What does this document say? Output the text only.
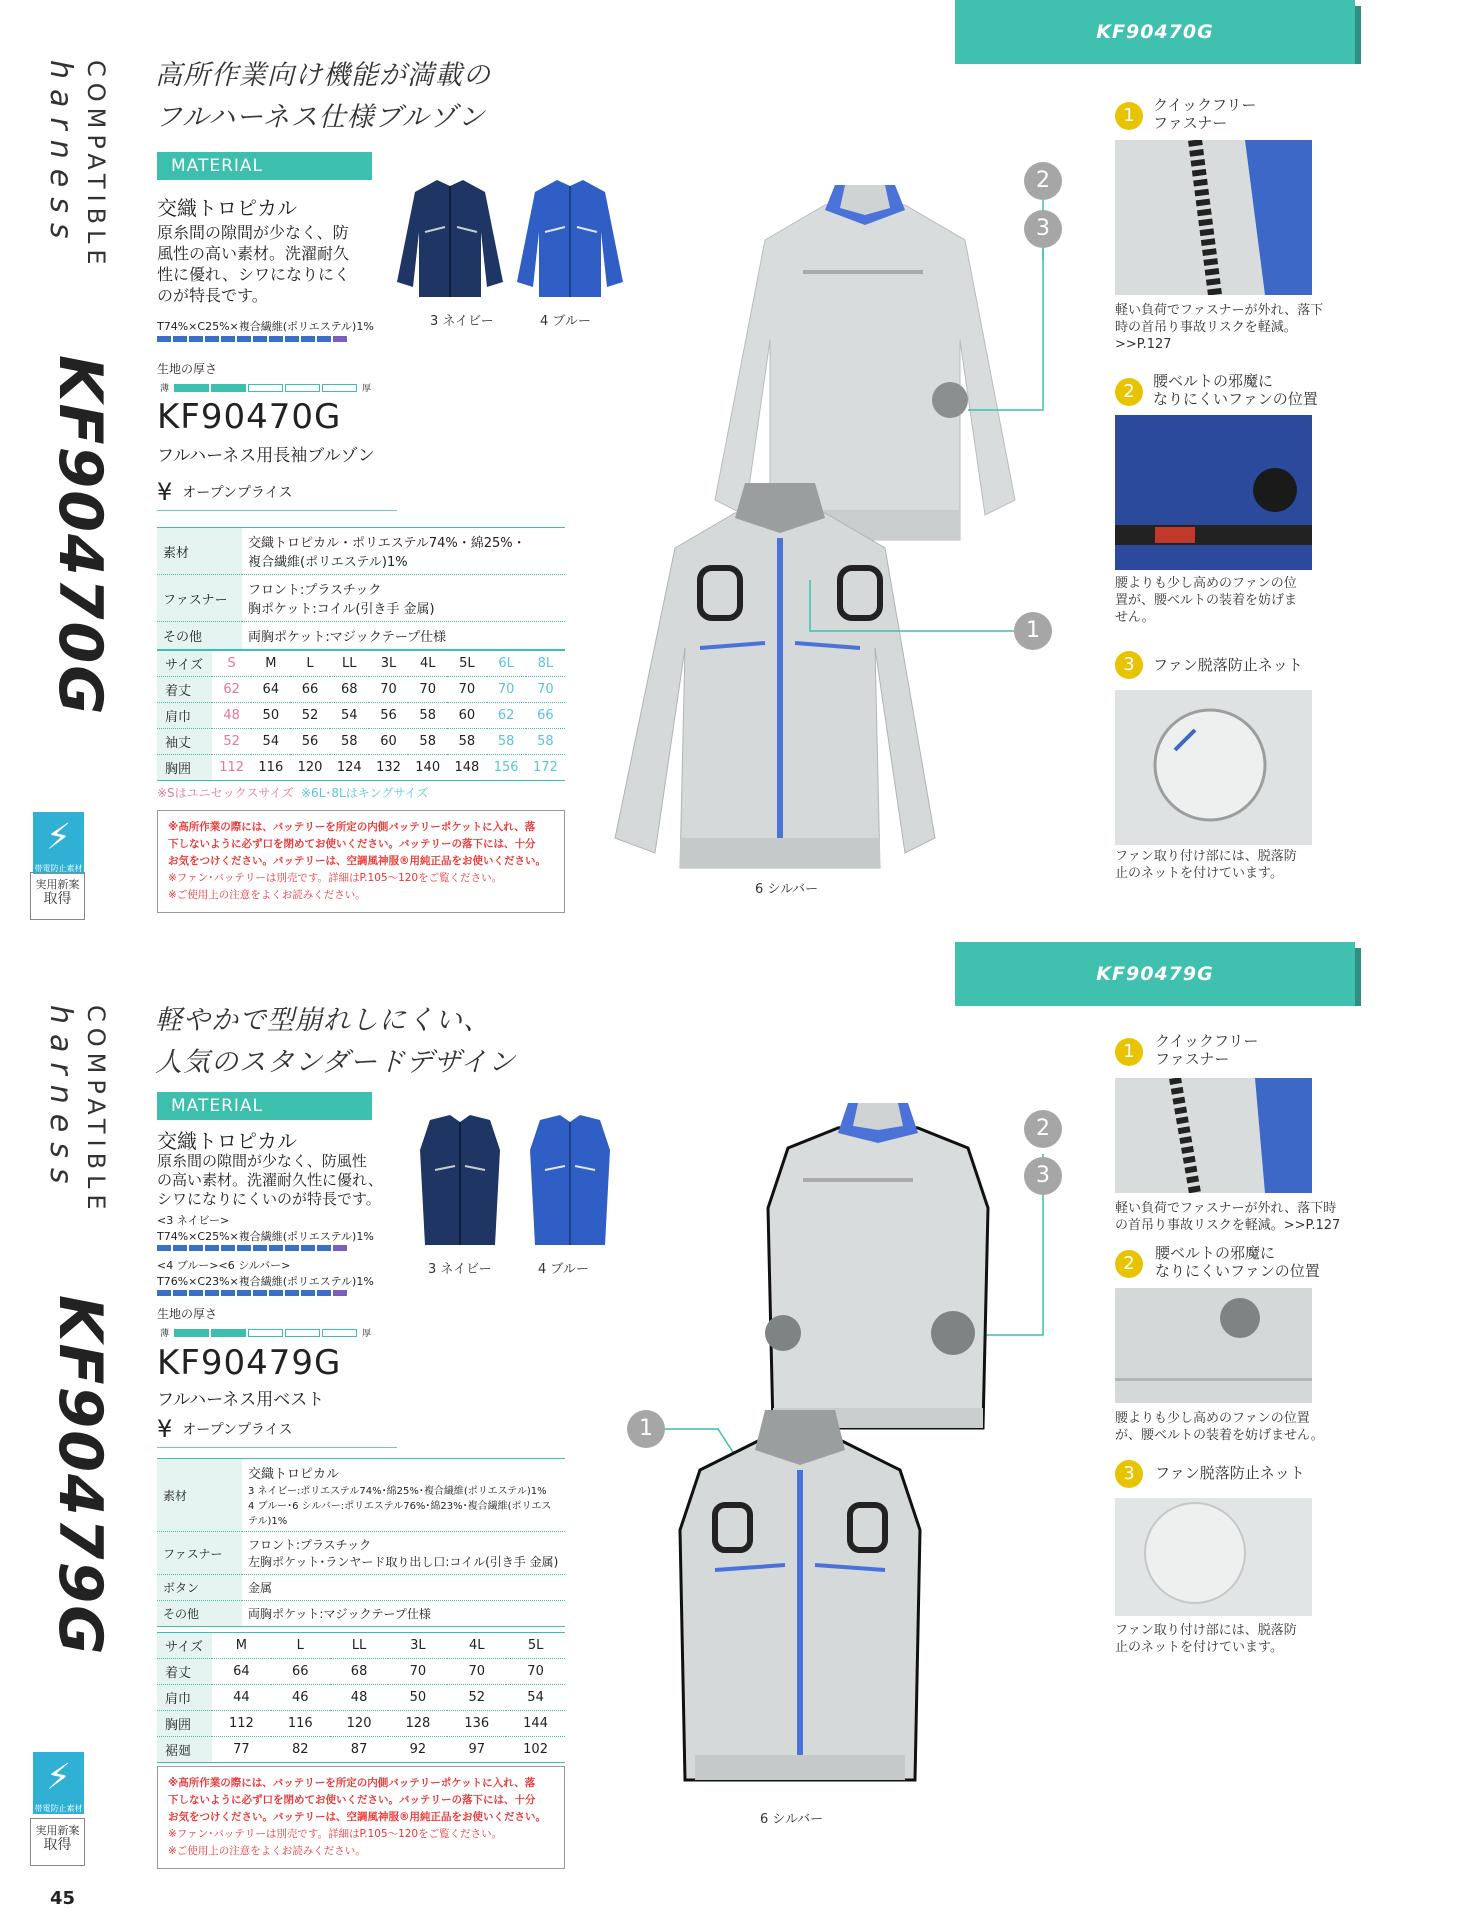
KF90470G
harness COMPATIBLE
KF90470G
高所作業向け機能が満載の
フルハーネス仕様ブルゾン
MATERIAL
交織トロピカル
原糸間の隙間が少なく、防
風性の高い素材。洗濯耐久
性に優れ、シワになりにく
のが特長です。
T74%×C25%×複合繊維(ポリエステル)1%
生地の厚さ
薄	厚
KF90470G
フルハーネス用長袖ブルゾン
¥ オープンプライス
素材	交織トロピカル・ポリエステル74%・綿25%・
複合繊維(ポリエステル)1%

ファスナー	フロント:プラスチック
胸ポケット:コイル(引き手 金属)

その他	両胸ポケット:マジックテープ仕様
サイズ	S	M	L	LL	3L	4L	5L	6L	8L
着丈	62	64	66	68	70	70	70	70	70
肩巾	48	50	52	54	56	58	60	62	66
袖丈	52	54	56	58	60	58	58	58	58
胸囲	112	116	120	124	132	140	148	156	172
※Sはユニセックスサイズ ※6L･8Lはキングサイズ
※高所作業の際には、バッテリーを所定の内側バッテリーポケットに入れ、落
下しないように必ず口を閉めてお使いください。バッテリーの落下には、十分
お気をつけください。バッテリーは、空調風神服®用純正品をお使いください。
※ファン･バッテリーは別売です。詳細はP.105〜120をご覧ください。
※ご使用上の注意をよくお読みください。
⚡
帯電防止素材
実用新案
取得
3 ネイビー	4 ブルー
6 シルバー
2
3
1
1	クイックフリー
ファスナー
軽い負荷でファスナーが外れ、落下
時の首吊り事故リスクを軽減。
>>P.127
2	腰ベルトの邪魔に
なりにくいファンの位置
腰よりも少し高めのファンの位
置が、腰ベルトの装着を妨げま
せん。
3	ファン脱落防止ネット
ファン取り付け部には、脱落防
止のネットを付けています。
KF90479G
harness COMPATIBLE
KF90479G
軽やかで型崩れしにくい、
人気のスタンダードデザイン
MATERIAL
交織トロピカル
原糸間の隙間が少なく、防風性
の高い素材。洗濯耐久性に優れ、
シワになりにくいのが特長です。
<3 ネイビー>
T74%×C25%×複合繊維(ポリエステル)1%
<4 ブルー><6 シルバー>
T76%×C23%×複合繊維(ポリエステル)1%
生地の厚さ
薄	厚
KF90479G
フルハーネス用ベスト
¥ オープンプライス
素材	交織トロピカル
3 ネイビー:ポリエステル74%･綿25%･複合繊維(ポリエステル)1%
4 ブルー･6 シルバー:ポリエステル76%･綿23%･複合繊維(ポリエステル)1%

ファスナー	フロント:プラスチック
左胸ポケット･ランヤード取り出し口:コイル(引き手 金属)

ボタン	金属

その他	両胸ポケット:マジックテープ仕様
サイズ	M	L	LL	3L	4L	5L
着丈	64	66	68	70	70	70
肩巾	44	46	48	50	52	54
胸囲	112	116	120	128	136	144
裾廻	77	82	87	92	97	102
※高所作業の際には、バッテリーを所定の内側バッテリーポケットに入れ、落
下しないように必ず口を閉めてお使いください。バッテリーの落下には、十分
お気をつけください。バッテリーは、空調風神服®用純正品をお使いください。
※ファン･バッテリーは別売です。詳細はP.105〜120をご覧ください。
※ご使用上の注意をよくお読みください。
⚡
帯電防止素材
実用新案
取得
3 ネイビー	4 ブルー
6 シルバー
2
3
1
1	クイックフリー
ファスナー
軽い負荷でファスナーが外れ、落下時
の首吊り事故リスクを軽減。>>P.127
2	腰ベルトの邪魔に
なりにくいファンの位置
腰よりも少し高めのファンの位置
が、腰ベルトの装着を妨げません。
3	ファン脱落防止ネット
ファン取り付け部には、脱落防
止のネットを付けています。
45
